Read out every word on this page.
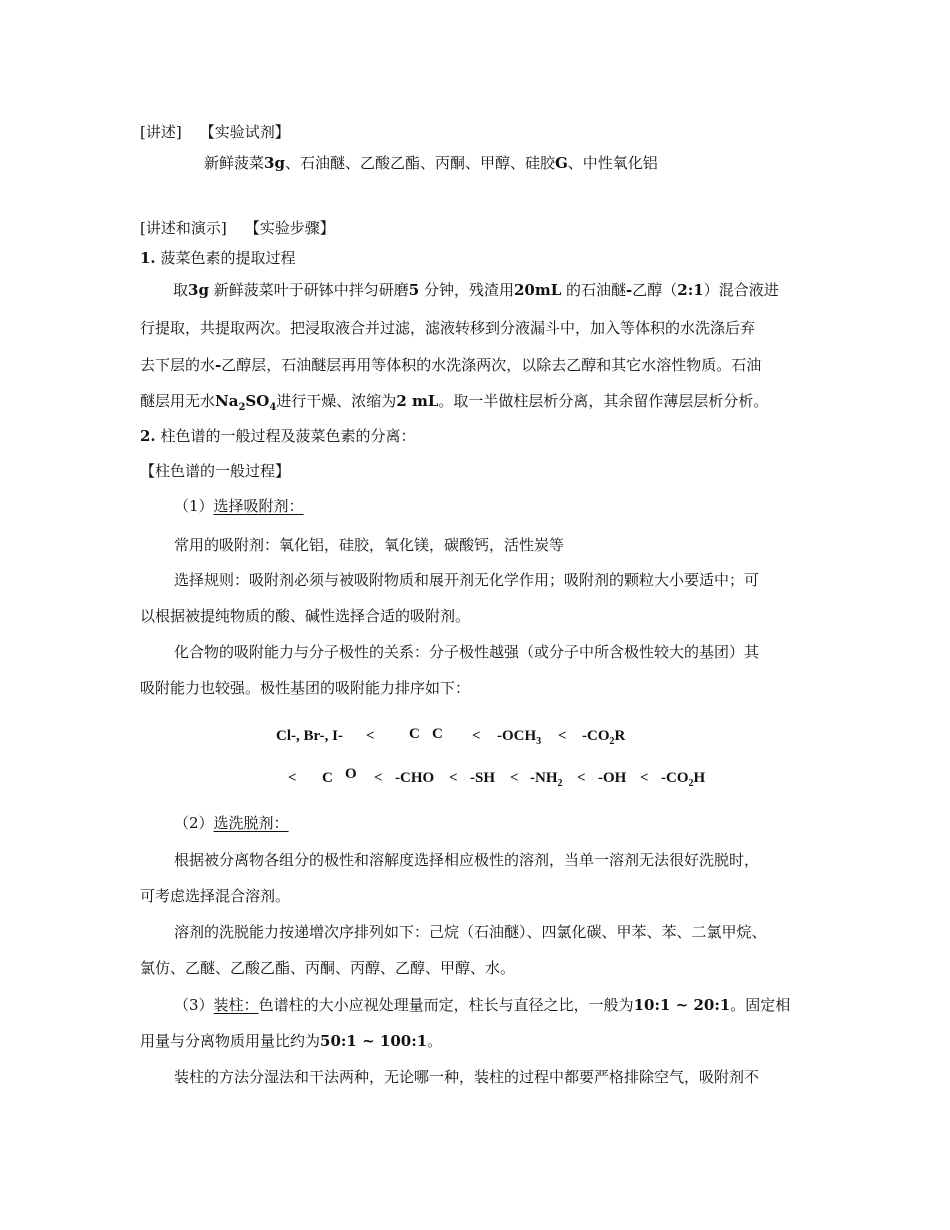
[讲述] 【实验试剂】
新鲜菠菜3g、石油醚、乙酸乙酯、丙酮、甲醇、硅胶G、中性氧化铝
[讲述和演示] 【实验步骤】
1. 菠菜色素的提取过程
取3g 新鲜菠菜叶于研钵中拌匀研磨5 分钟，残渣用20mL 的石油醚-乙醇（2:1）混合液进
行提取，共提取两次。把浸取液合并过滤，滤液转移到分液漏斗中，加入等体积的水洗涤后弃
去下层的水-乙醇层，石油醚层再用等体积的水洗涤两次，以除去乙醇和其它水溶性物质。石油
醚层用无水$Na_2SO_4$进行干燥、浓缩为2 mL。取一半做柱层析分离，其余留作薄层层析分析。
2. 柱色谱的一般过程及菠菜色素的分离：
【柱色谱的一般过程】
（1）选择吸附剂：
常用的吸附剂：氧化铝，硅胶，氧化镁，碳酸钙，活性炭等
选择规则：吸附剂必须与被吸附物质和展开剂无化学作用；吸附剂的颗粒大小要适中；可
以根据被提纯物质的酸、碱性选择合适的吸附剂。
化合物的吸附能力与分子极性的关系：分子极性越强（或分子中所含极性较大的基团）其
吸附能力也较强。极性基团的吸附能力排序如下：
Cl-, Br-, I- < C $C < -OCH_3 < -CO_2R$
< C $O < -CHO < -SH < -NH_2 < -OH < -CO_2H$
（2）选洗脱剂：
根据被分离物各组分的极性和溶解度选择相应极性的溶剂，当单一溶剂无法很好洗脱时，
可考虑选择混合溶剂。
溶剂的洗脱能力按递增次序排列如下：己烷（石油醚）、四氯化碳、甲苯、苯、二氯甲烷、
氯仿、乙醚、乙酸乙酯、丙酮、丙醇、乙醇、甲醇、水。
（3）装柱：色谱柱的大小应视处理量而定，柱长与直径之比，一般为10:1 ~ 20:1。固定相
用量与分离物质用量比约为50:1 ~ 100:1。
装柱的方法分湿法和干法两种，无论哪一种，装柱的过程中都要严格排除空气，吸附剂不
